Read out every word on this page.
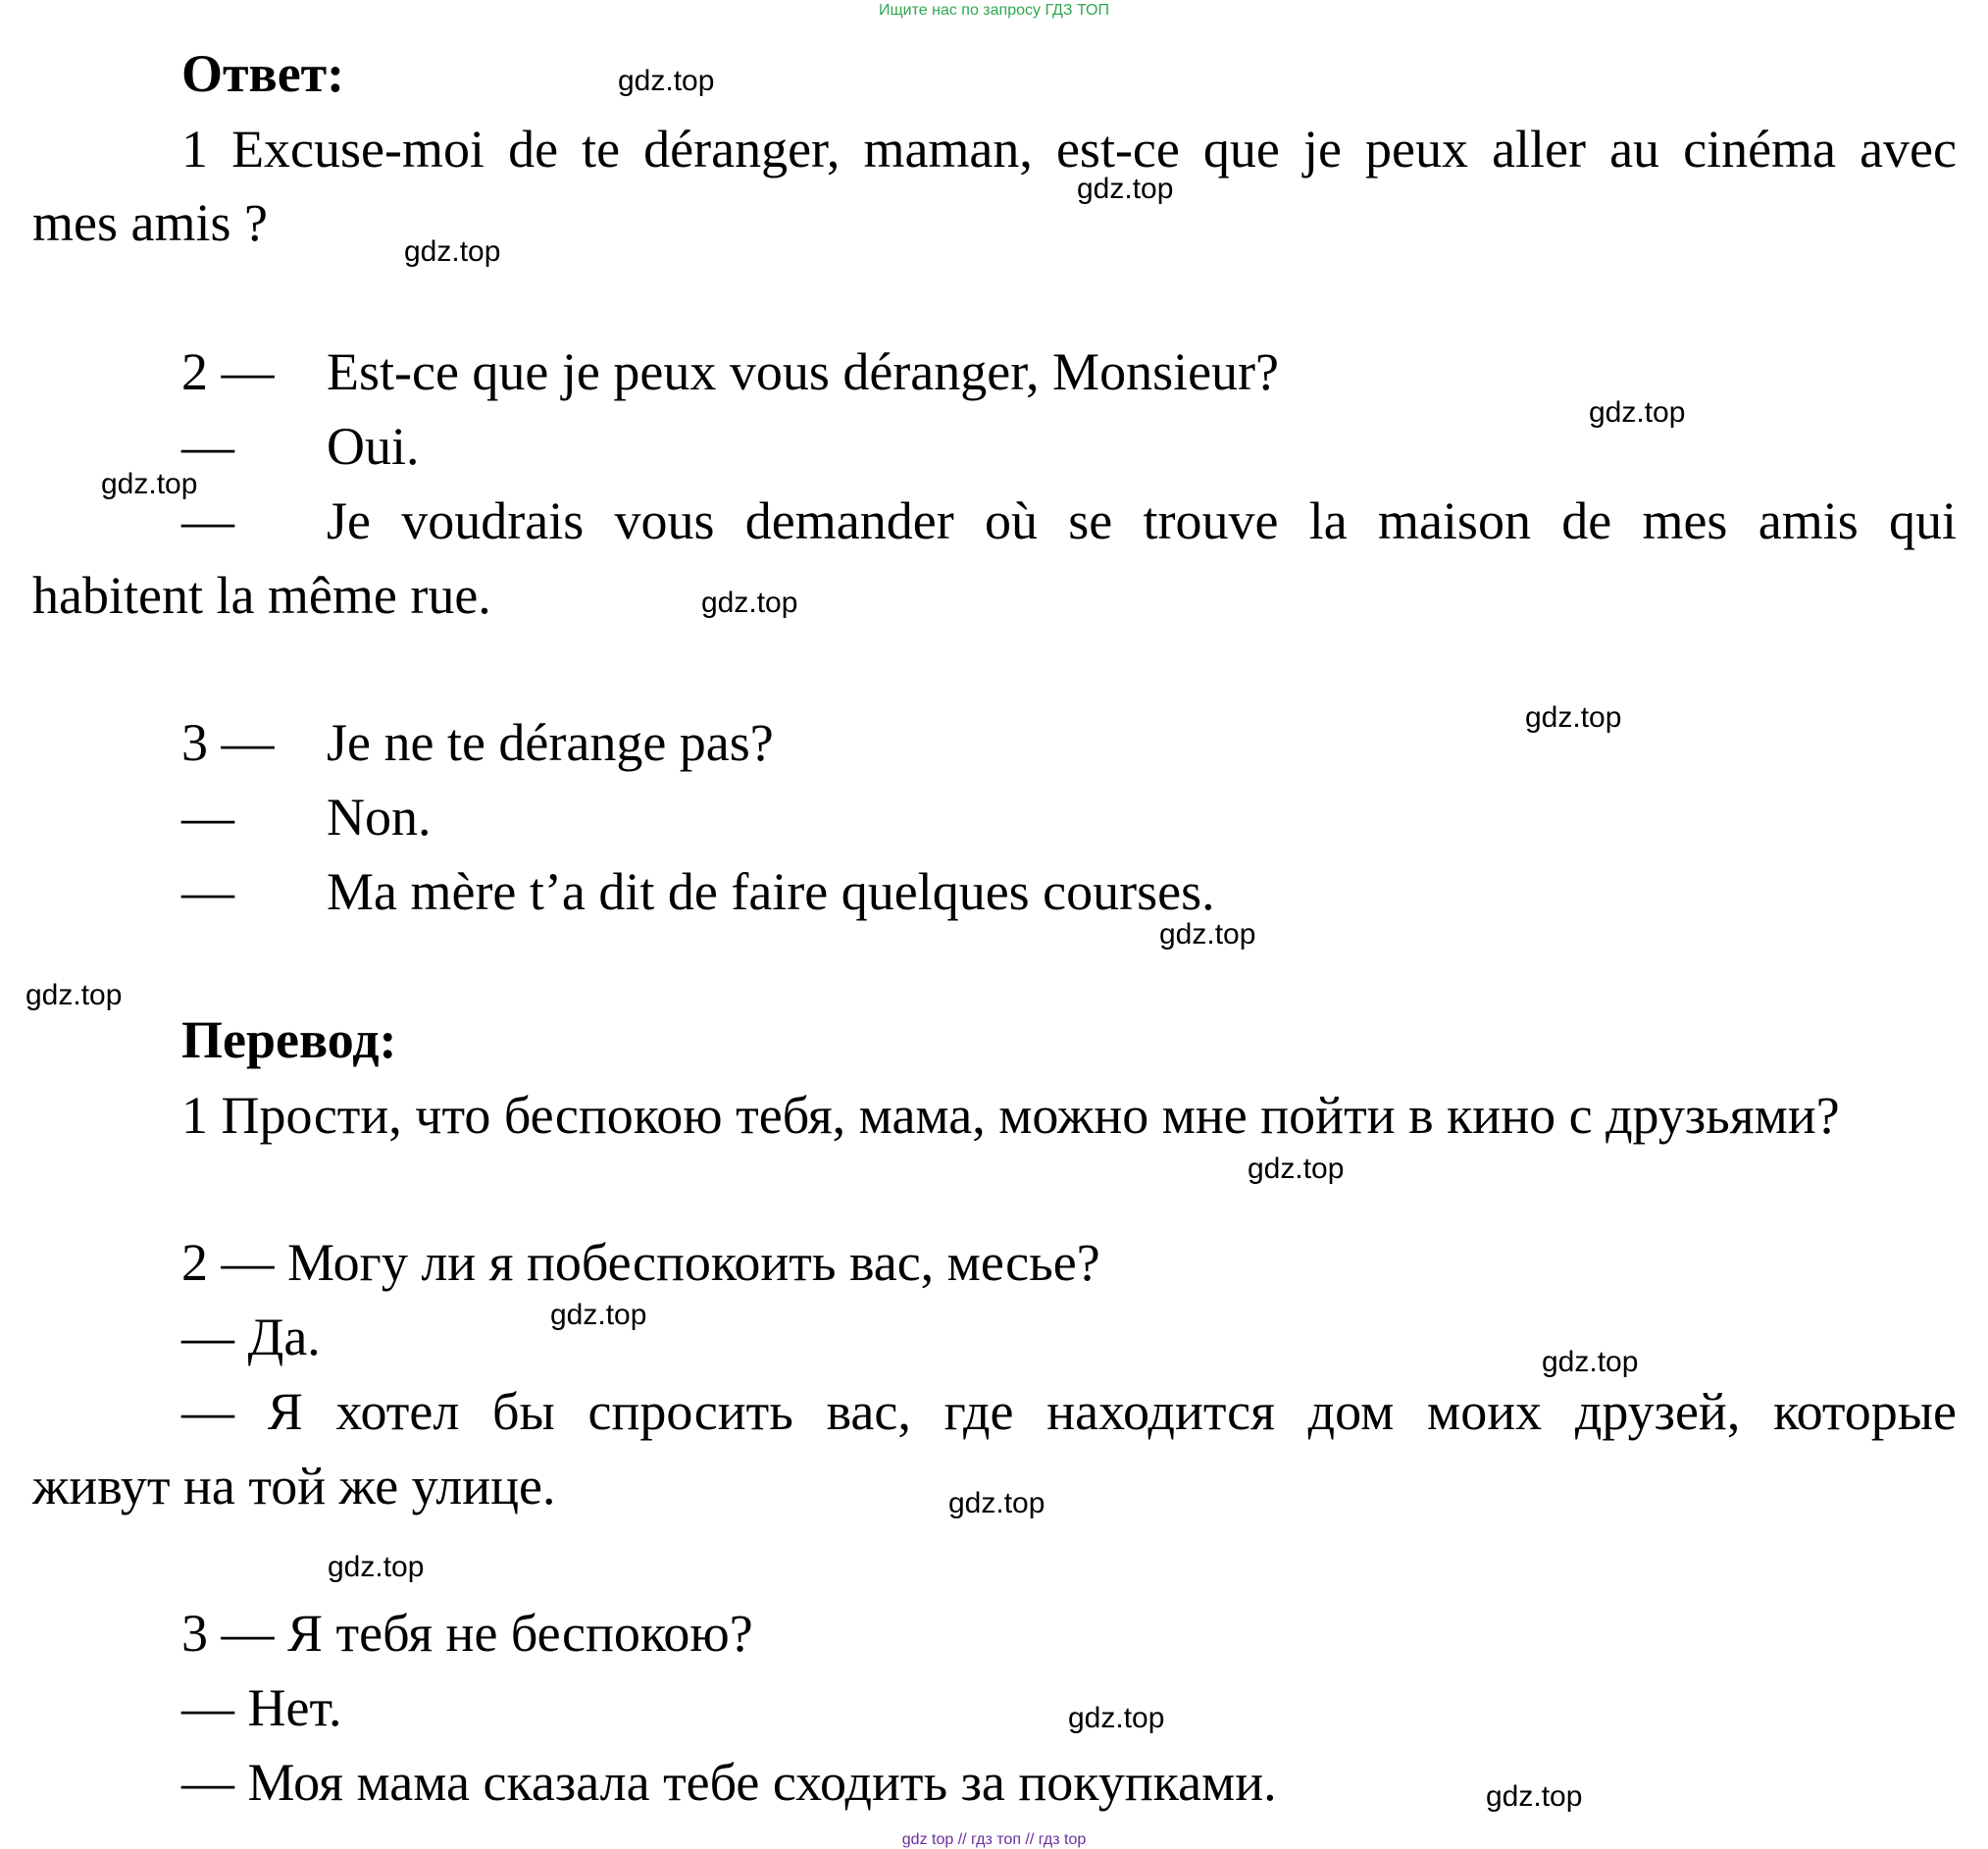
Ищите нас по запросу ГДЗ ТОП
Ответ:
1 Excuse-moi de te déranger, maman, est-ce que je peux aller au cinéma avec
mes amis ?
2 — Est-ce que je peux vous déranger, Monsieur?
— Oui.
— Je voudrais vous demander où se trouve la maison de mes amis qui
habitent la même rue.
3 — Je ne te dérange pas?
— Non.
— Ma mère t’a dit de faire quelques courses.
Перевод:
1 Прости, что беспокою тебя, мама, можно мне пойти в кино с друзьями?
2 — Могу ли я побеспокоить вас, месье?
— Да.
— Я хотел бы спросить вас, где находится дом моих друзей, которые
живут на той же улице.
3 — Я тебя не беспокою?
— Нет.
— Моя мама сказала тебе сходить за покупками.
gdz.top
gdz.top
gdz.top
gdz.top
gdz.top
gdz.top
gdz.top
gdz.top
gdz.top
gdz.top
gdz.top
gdz.top
gdz.top
gdz.top
gdz.top
gdz.top
gdz top // гдз топ // гдз top
